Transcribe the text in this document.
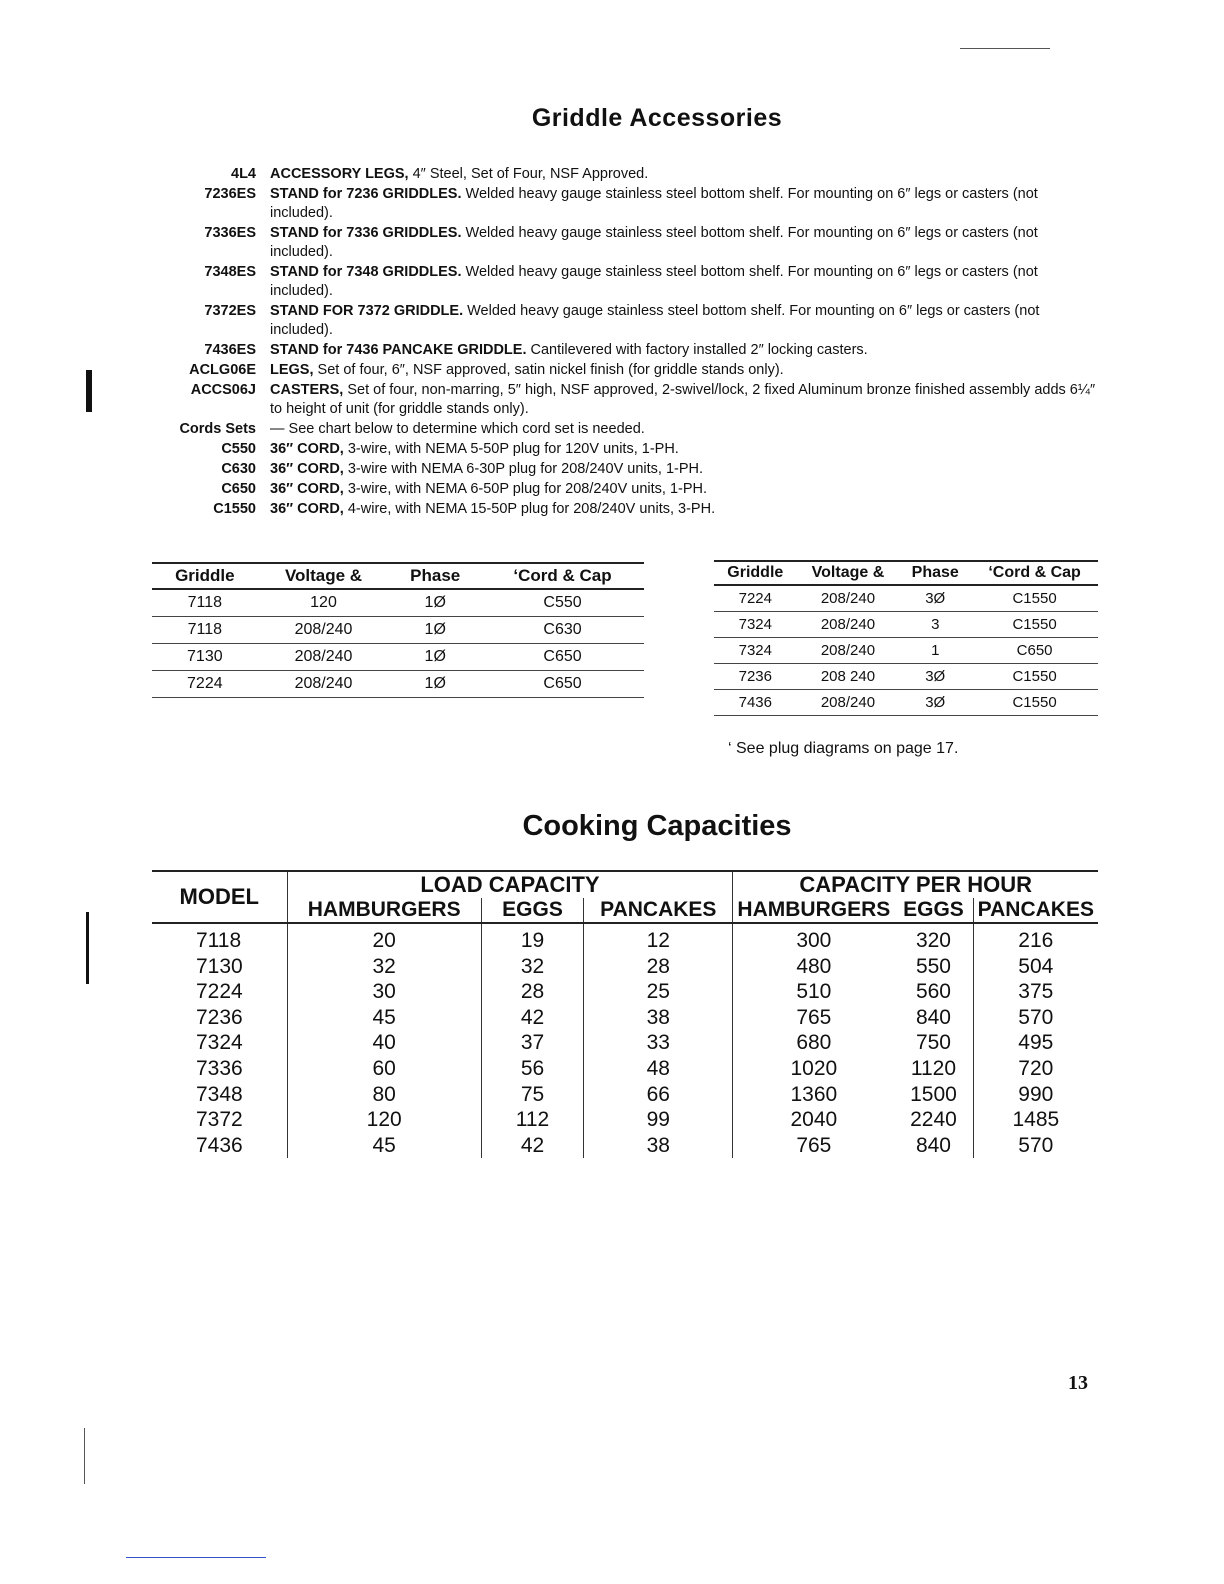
Griddle Accessories
4L4 ACCESSORY LEGS, 4″ Steel, Set of Four, NSF Approved.
7236ES STAND for 7236 GRIDDLES. Welded heavy gauge stainless steel bottom shelf. For mounting on 6″ legs or casters (not included).
7336ES STAND for 7336 GRIDDLES. Welded heavy gauge stainless steel bottom shelf. For mounting on 6″ legs or casters (not included).
7348ES STAND for 7348 GRIDDLES. Welded heavy gauge stainless steel bottom shelf. For mounting on 6″ legs or casters (not included).
7372ES STAND FOR 7372 GRIDDLE. Welded heavy gauge stainless steel bottom shelf. For mounting on 6″ legs or casters (not included).
7436ES STAND for 7436 PANCAKE GRIDDLE. Cantilevered with factory installed 2″ locking casters.
ACLG06E LEGS, Set of four, 6″, NSF approved, satin nickel finish (for griddle stands only).
ACCS06J CASTERS, Set of four, non-marring, 5″ high, NSF approved, 2-swivel/lock, 2 fixed Aluminum bronze finished assembly adds 6¼″ to height of unit (for griddle stands only).
Cords Sets — See chart below to determine which cord set is needed.
C550 36″ CORD, 3-wire, with NEMA 5-50P plug for 120V units, 1-PH.
C630 36″ CORD, 3-wire with NEMA 6-30P plug for 208/240V units, 1-PH.
C650 36″ CORD, 3-wire, with NEMA 6-50P plug for 208/240V units, 1-PH.
C1550 36″ CORD, 4-wire, with NEMA 15-50P plug for 208/240V units, 3-PH.
Griddle	Voltage &	Phase	‘Cord & Cap
7118	120	1Ø	C550
7118	208/240	1Ø	C630
7130	208/240	1Ø	C650
7224	208/240	1Ø	C650
Griddle	Voltage &	Phase	‘Cord & Cap
7224	208/240	3Ø	C1550
7324	208/240	3	C1550
7324	208/240	1	C650
7236	208 240	3Ø	C1550
7436	208/240	3Ø	C1550
‘ See plug diagrams on page 17.
Cooking Capacities
MODEL	LOAD CAPACITY			CAPACITY PER HOUR		
	HAMBURGERS	EGGS	PANCAKES	HAMBURGERS	EGGS	PANCAKES
7118	20	19	12	300	320	216
7130	32	32	28	480	550	504
7224	30	28	25	510	560	375
7236	45	42	38	765	840	570
7324	40	37	33	680	750	495
7336	60	56	48	1020	1120	720
7348	80	75	66	1360	1500	990
7372	120	112	99	2040	2240	1485
7436	45	42	38	765	840	570
13
